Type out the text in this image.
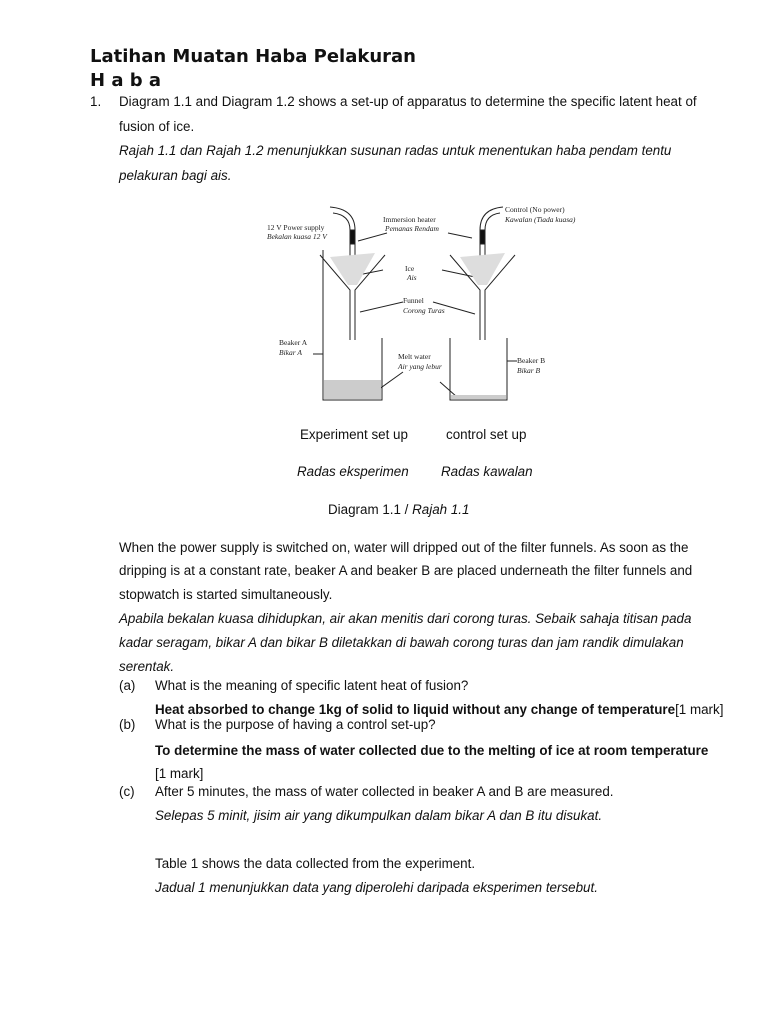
Latihan Muatan Haba Pelakuran
H a b a
1. Diagram 1.1 and Diagram 1.2 shows a set-up of apparatus to determine the specific latent heat of
fusion of ice.
Rajah 1.1 dan Rajah 1.2 menunjukkan susunan radas untuk menentukan haba pendam tentu
pelakuran bagi ais.
12 V Power supply
Bekalan kuasa 12 V
Immersion heater
Pemanas Rendam
Control (No power)
Kawalan (Tiada kuasa)
Ice
Ais
Funnel
Corong Turas
Beaker A
Bikar A	Melt water
Air yang lebur
Beaker B
Bikar B
Experiment set up	control set up
Radas eksperimen Radas kawalan
Diagram 1.1 / Rajah 1.1
When the power supply is switched on, water will dripped out of the filter funnels. As soon as the
dripping is at a constant rate, beaker A and beaker B are placed underneath the filter funnels and
stopwatch is started simultaneously.
Apabila bekalan kuasa dihidupkan, air akan menitis dari corong turas. Sebaik sahaja titisan pada
kadar seragam, bikar A dan bikar B diletakkan di bawah corong turas dan jam randik dimulakan
serentak.
(a) What is the meaning of specific latent heat of fusion?
Heat absorbed to change 1kg of solid to liquid without any change of temperature[1 mark]
(b) What is the purpose of having a control set-up?
To determine the mass of water collected due to the melting of ice at room temperature
[1 mark]
(c) After 5 minutes, the mass of water collected in beaker A and B are measured.
Selepas 5 minit, jisim air yang dikumpulkan dalam bikar A dan B itu disukat.
Table 1 shows the data collected from the experiment.
Jadual 1 menunjukkan data yang diperolehi daripada eksperimen tersebut.
